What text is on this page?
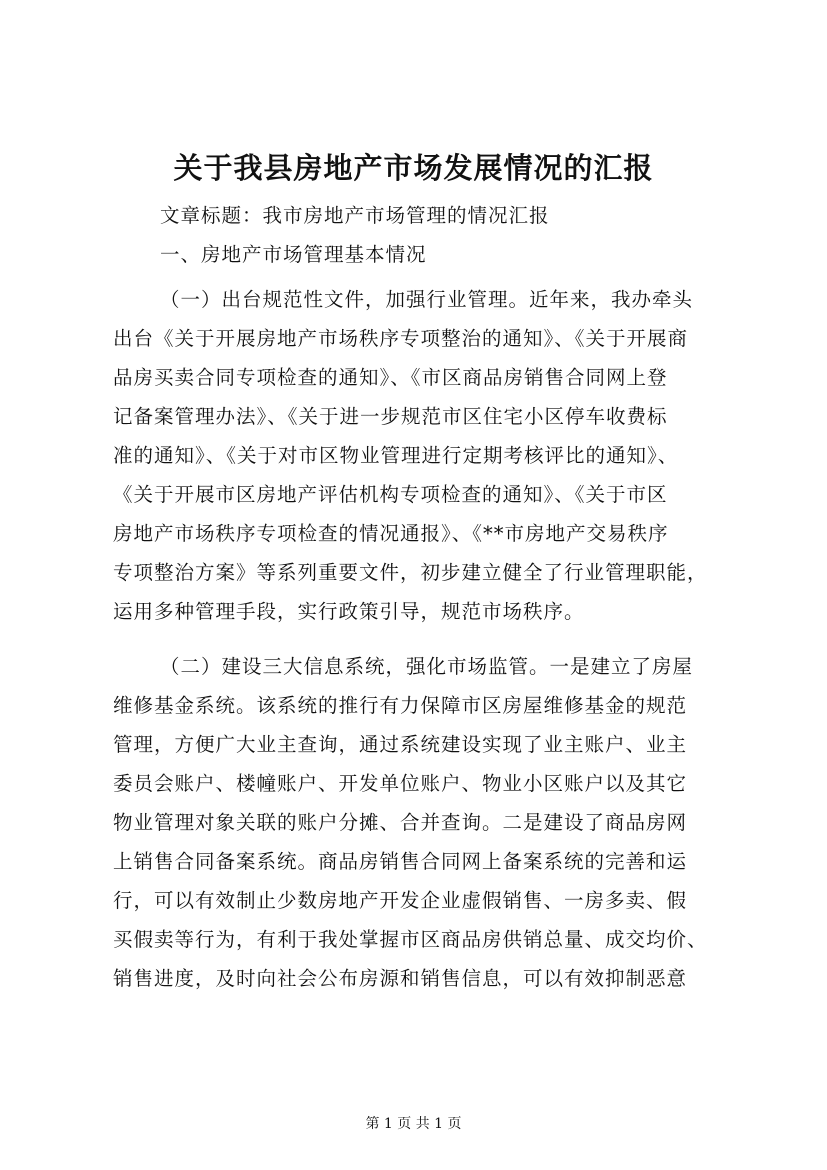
关于我县房地产市场发展情况的汇报
文章标题：我市房地产市场管理的情况汇报
一、房地产市场管理基本情况
（一）出台规范性文件，加强行业管理。近年来，我办牵头
出台《关于开展房地产市场秩序专项整治的通知》、《关于开展商
品房买卖合同专项检查的通知》、《市区商品房销售合同网上登
记备案管理办法》、《关于进一步规范市区住宅小区停车收费标
准的通知》、《关于对市区物业管理进行定期考核评比的通知》、
《关于开展市区房地产评估机构专项检查的通知》、《关于市区
房地产市场秩序专项检查的情况通报》、《**市房地产交易秩序
专项整治方案》等系列重要文件，初步建立健全了行业管理职能，
运用多种管理手段，实行政策引导，规范市场秩序。
（二）建设三大信息系统，强化市场监管。一是建立了房屋
维修基金系统。该系统的推行有力保障市区房屋维修基金的规范
管理，方便广大业主查询，通过系统建设实现了业主账户、业主
委员会账户、楼幢账户、开发单位账户、物业小区账户以及其它
物业管理对象关联的账户分摊、合并查询。二是建设了商品房网
上销售合同备案系统。商品房销售合同网上备案系统的完善和运
行，可以有效制止少数房地产开发企业虚假销售、一房多卖、假
买假卖等行为，有利于我处掌握市区商品房供销总量、成交均价、
销售进度，及时向社会公布房源和销售信息，可以有效抑制恶意
第 1 页 共 1 页
